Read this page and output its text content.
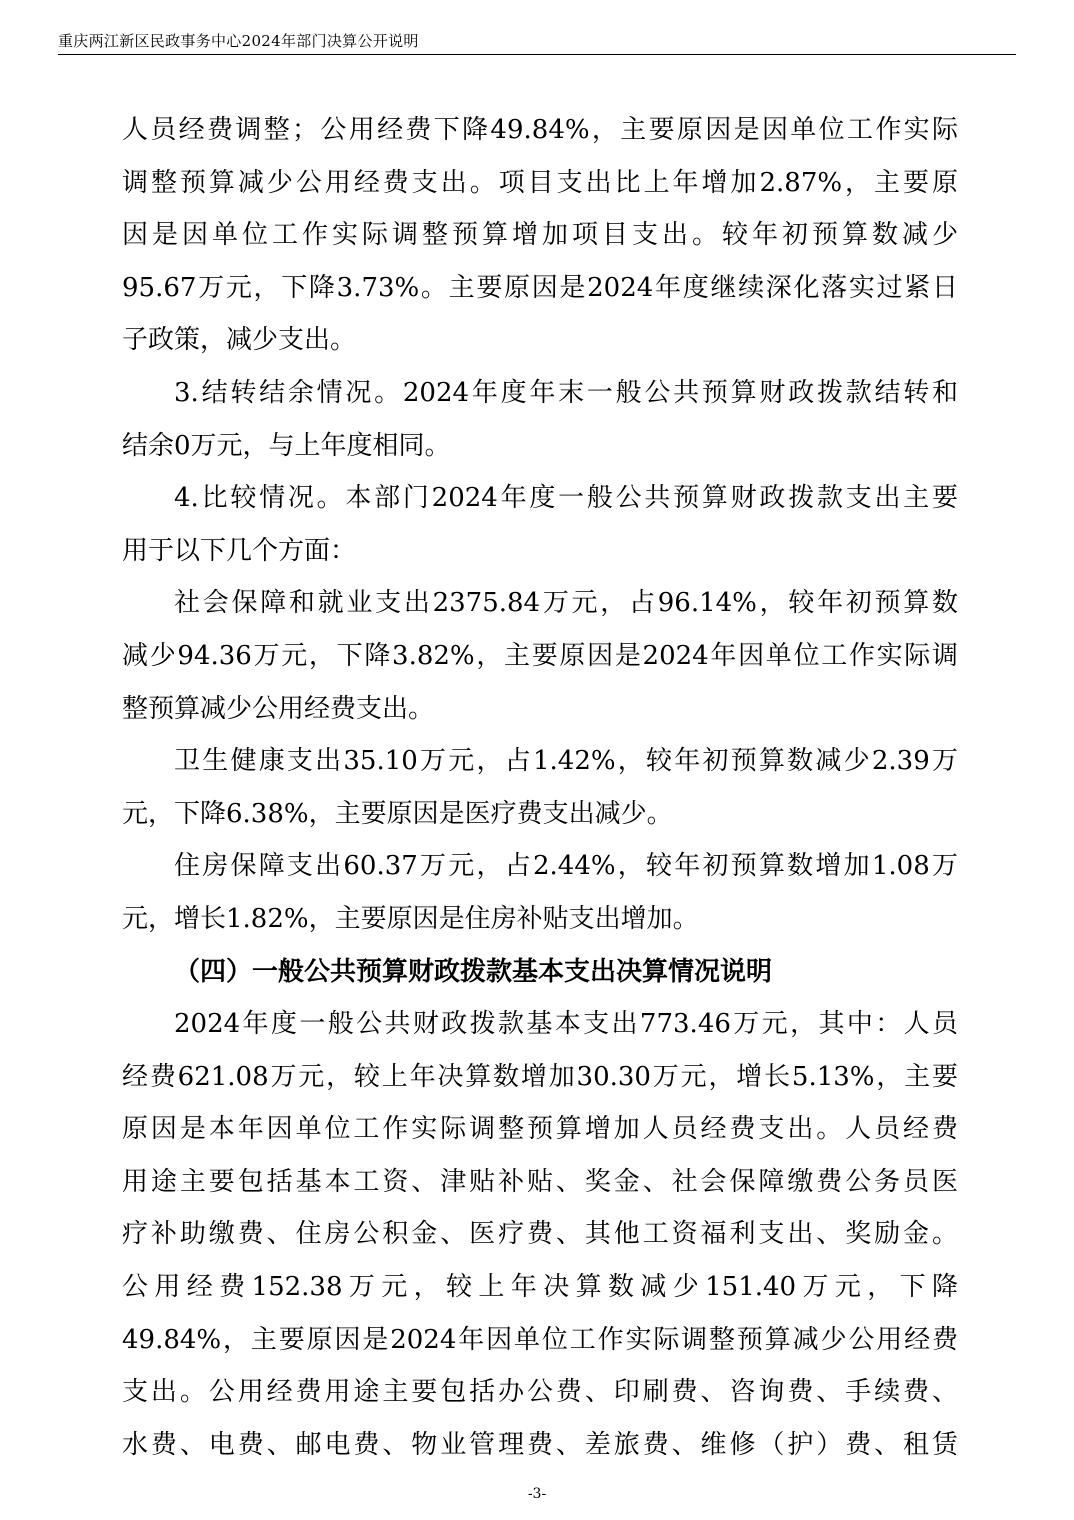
重庆两江新区民政事务中心2024年部门决算公开说明
人员经费调整；公用经费下降49.84%，主要原因是因单位工作实际
调整预算减少公用经费支出。项目支出比上年增加2.87%，主要原
因是因单位工作实际调整预算增加项目支出。较年初预算数减少
95.67万元，下降3.73%。主要原因是2024年度继续深化落实过紧日
子政策，减少支出。
3.结转结余情况。2024年度年末一般公共预算财政拨款结转和
结余0万元，与上年度相同。
4.比较情况。本部门2024年度一般公共预算财政拨款支出主要
用于以下几个方面：
社会保障和就业支出2375.84万元，占96.14%，较年初预算数
减少94.36万元，下降3.82%，主要原因是2024年因单位工作实际调
整预算减少公用经费支出。
卫生健康支出35.10万元，占1.42%，较年初预算数减少2.39万
元，下降6.38%，主要原因是医疗费支出减少。
住房保障支出60.37万元，占2.44%，较年初预算数增加1.08万
元，增长1.82%，主要原因是住房补贴支出增加。
（四）一般公共预算财政拨款基本支出决算情况说明
2024年度一般公共财政拨款基本支出773.46万元，其中：人员
经费621.08万元，较上年决算数增加30.30万元，增长5.13%，主要
原因是本年因单位工作实际调整预算增加人员经费支出。人员经费
用途主要包括基本工资、津贴补贴、奖金、社会保障缴费公务员医
疗补助缴费、住房公积金、医疗费、其他工资福利支出、奖励金。
公用经费152.38万元，较上年决算数减少151.40万元，下降
49.84%，主要原因是2024年因单位工作实际调整预算减少公用经费
支出。公用经费用途主要包括办公费、印刷费、咨询费、手续费、
水费、电费、邮电费、物业管理费、差旅费、维修（护）费、租赁
-3-
